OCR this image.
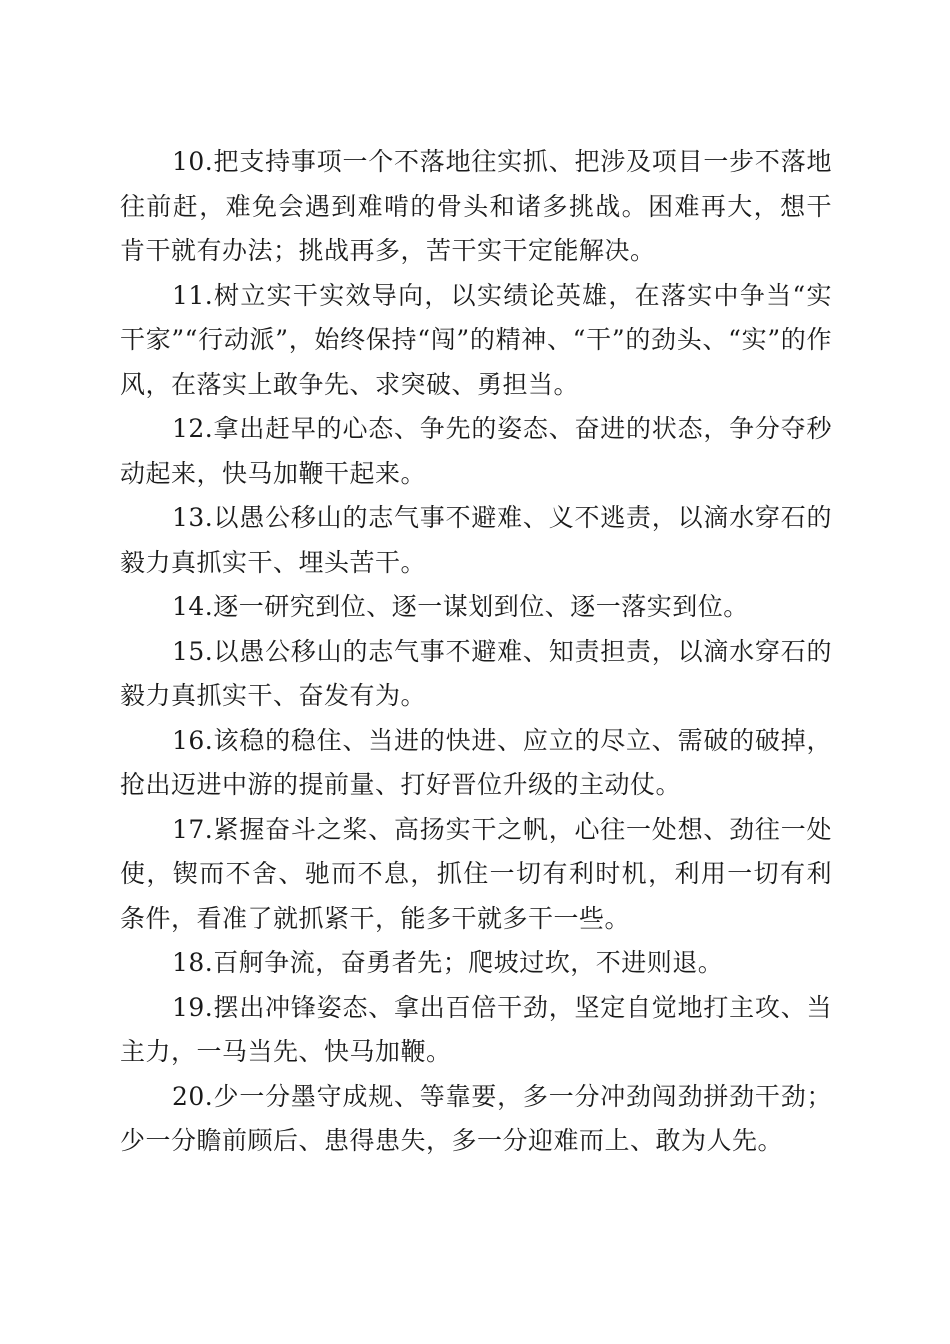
10.把支持事项一个不落地往实抓、把涉及项目一步不落地往前赶，难免会遇到难啃的骨头和诸多挑战。困难再大，想干肯干就有办法；挑战再多，苦干实干定能解决。

11.树立实干实效导向，以实绩论英雄，在落实中争当“实干家”“行动派”，始终保持“闯”的精神、“干”的劲头、“实”的作风，在落实上敢争先、求突破、勇担当。

12.拿出赶早的心态、争先的姿态、奋进的状态，争分夺秒动起来，快马加鞭干起来。

13.以愚公移山的志气事不避难、义不逃责，以滴水穿石的毅力真抓实干、埋头苦干。

14.逐一研究到位、逐一谋划到位、逐一落实到位。

15.以愚公移山的志气事不避难、知责担责，以滴水穿石的毅力真抓实干、奋发有为。

16.该稳的稳住、当进的快进、应立的尽立、需破的破掉，抢出迈进中游的提前量、打好晋位升级的主动仗。

17.紧握奋斗之桨、高扬实干之帆，心往一处想、劲往一处使，锲而不舍、驰而不息，抓住一切有利时机，利用一切有利条件，看准了就抓紧干，能多干就多干一些。

18.百舸争流，奋勇者先；爬坡过坎，不进则退。

19.摆出冲锋姿态、拿出百倍干劲，坚定自觉地打主攻、当主力，一马当先、快马加鞭。

20.少一分墨守成规、等靠要，多一分冲劲闯劲拼劲干劲；少一分瞻前顾后、患得患失，多一分迎难而上、敢为人先。
